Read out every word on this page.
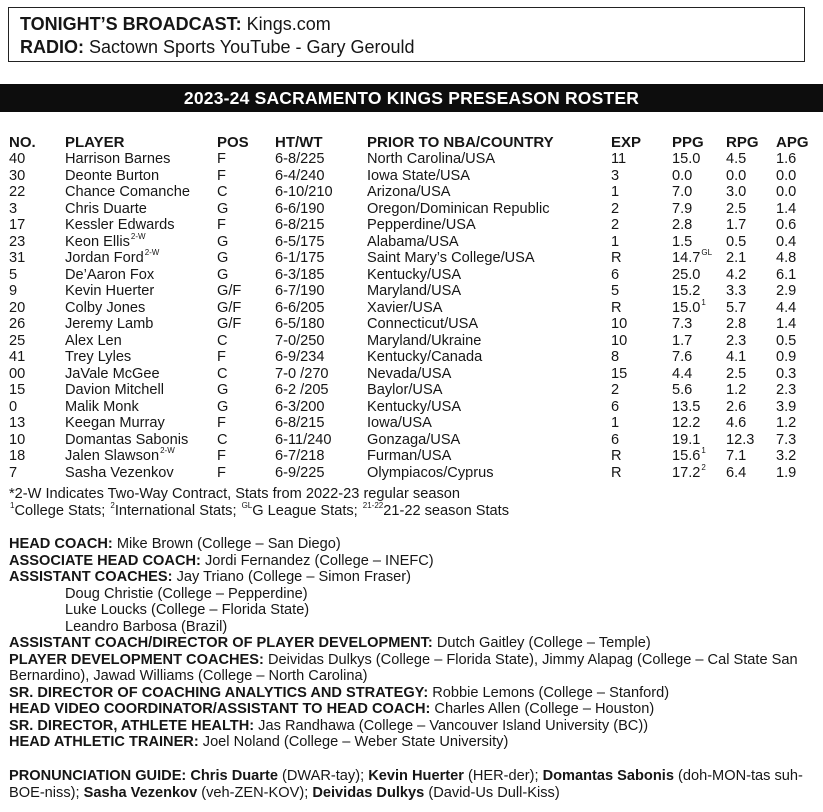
TONIGHT’S BROADCAST: Kings.com
RADIO: Sactown Sports YouTube - Gary Gerould
2023-24 SACRAMENTO KINGS PRESEASON ROSTER
NO.	PLAYER	POS	HT/WT	PRIOR TO NBA/COUNTRY	EXP	PPG	RPG	APG
40	Harrison Barnes	F	6-8/225	North Carolina/USA	11	15.0	4.5	1.6
30	Deonte Burton	F	6-4/240	Iowa State/USA	3	0.0	0.0	0.0
22	Chance Comanche	C	6-10/210	Arizona/USA	1	7.0	3.0	0.0
3	Chris Duarte	G	6-6/190	Oregon/Dominican Republic	2	7.9	2.5	1.4
17	Kessler Edwards	F	6-8/215	Pepperdine/USA	2	2.8	1.7	0.6
23	Keon Ellis$^{2-W}$	G	6-5/175	Alabama/USA	1	1.5	0.5	0.4
31	Jordan Ford$^{2-W}$	G	6-1/175	Saint Mary’s College/USA	R	$14.7^{GL}$	2.1	4.8
5	De’Aaron Fox	G	6-3/185	Kentucky/USA	6	25.0	4.2	6.1
9	Kevin Huerter	G/F	6-7/190	Maryland/USA	5	15.2	3.3	2.9
20	Colby Jones	G/F	6-6/205	Xavier/USA	R	15.0$^1$	5.7	4.4
26	Jeremy Lamb	G/F	6-5/180	Connecticut/USA	10	7.3	2.8	1.4
25	Alex Len	C	7-0/250	Maryland/Ukraine	10	1.7	2.3	0.5
41	Trey Lyles	F	6-9/234	Kentucky/Canada	8	7.6	4.1	0.9
00	JaVale McGee	C	7-0 /270	Nevada/USA	15	4.4	2.5	0.3
15	Davion Mitchell	G	6-2 /205	Baylor/USA	2	5.6	1.2	2.3
0	Malik Monk	G	6-3/200	Kentucky/USA	6	13.5	2.6	3.9
13	Keegan Murray	F	6-8/215	Iowa/USA	1	12.2	4.6	1.2
10	Domantas Sabonis	C	6-11/240	Gonzaga/USA	6	19.1	12.3	7.3
18	Jalen Slawson$^{2-W}$	F	6-7/218	Furman/USA	R	15.6$^1$	7.1	3.2
7	Sasha Vezenkov	F	6-9/225	Olympiacos/Cyprus	R	17.2$^2$	6.4	1.9
*2-W Indicates Two-Way Contract, Stats from 2022-23 regular season
$^1$College Stats; $^2$International Stats; $^{GL}$G League Stats; $^{21-22}$21-22 season Stats
HEAD COACH: Mike Brown (College – San Diego)
ASSOCIATE HEAD COACH: Jordi Fernandez (College – INEFC)
ASSISTANT COACHES: Jay Triano (College – Simon Fraser)
Doug Christie (College – Pepperdine)
Luke Loucks (College – Florida State)
Leandro Barbosa (Brazil)
ASSISTANT COACH/DIRECTOR OF PLAYER DEVELOPMENT: Dutch Gaitley (College – Temple)
PLAYER DEVELOPMENT COACHES: Deividas Dulkys (College – Florida State), Jimmy Alapag (College – Cal State San Bernardino), Jawad Williams (College – North Carolina)
SR. DIRECTOR OF COACHING ANALYTICS AND STRATEGY: Robbie Lemons (College – Stanford)
HEAD VIDEO COORDINATOR/ASSISTANT TO HEAD COACH: Charles Allen (College – Houston)
SR. DIRECTOR, ATHLETE HEALTH: Jas Randhawa (College – Vancouver Island University (BC))
HEAD ATHLETIC TRAINER: Joel Noland (College – Weber State University)
PRONUNCIATION GUIDE: Chris Duarte (DWAR-tay); Kevin Huerter (HER-der); Domantas Sabonis (doh-MON-tas suh-BOE-niss); Sasha Vezenkov (veh-ZEN-KOV); Deividas Dulkys (David-Us Dull-Kiss)
